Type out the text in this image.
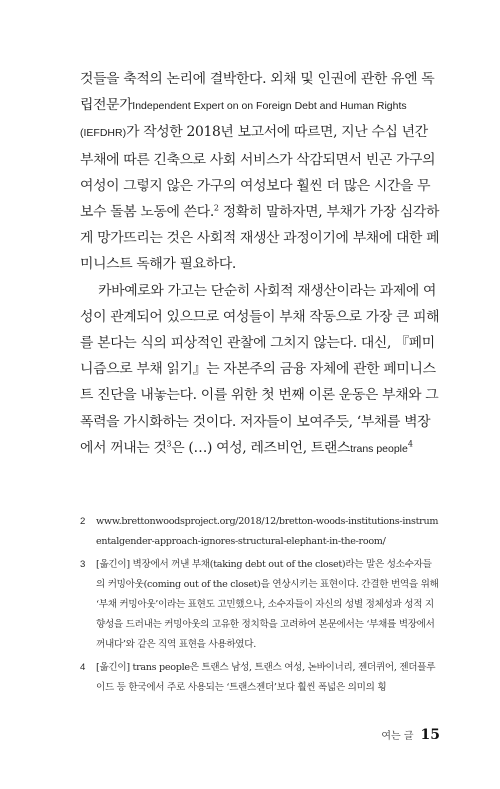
것들을 축적의 논리에 결박한다. 외채 및 인권에 관한 유엔 독립전문가Independent Expert on on Foreign Debt and Human Rights (IEFDHR)가 작성한 2018년 보고서에 따르면, 지난 수십 년간 부채에 따른 긴축으로 사회 서비스가 삭감되면서 빈곤 가구의 여성이 그렇지 않은 가구의 여성보다 훨씬 더 많은 시간을 무보수 돌봄 노동에 쓴다.$^2$ 정확히 말하자면, 부채가 가장 심각하게 망가뜨리는 것은 사회적 재생산 과정이기에 부채에 대한 페미니스트 독해가 필요하다.

카바예로와 가고는 단순히 사회적 재생산이라는 과제에 여성이 관계되어 있으므로 여성들이 부채 작동으로 가장 큰 피해를 본다는 식의 피상적인 관찰에 그치지 않는다. 대신, 『페미니즘으로 부채 읽기』는 자본주의 금융 자체에 관한 페미니스트 진단을 내놓는다. 이를 위한 첫 번째 이론 운동은 부채와 그 폭력을 가시화하는 것이다. 저자들이 보여주듯, ‘부채를 벽장에서 꺼내는 것$^3$은 (…) 여성, 레즈비언, 트랜스trans people$^4$

2	www.brettonwoodsproject.org/2018/12/bretton-woods-institutions-instrumentalgender-approach-ignores-structural-elephant-in-the-room/
3	[옮긴이] 벽장에서 꺼낸 부채(taking debt out of the closet)라는 말은 성소수자들의 커밍아웃(coming out of the closet)을 연상시키는 표현이다. 간결한 번역을 위해 ‘부채 커밍아웃’이라는 표현도 고민했으나, 소수자들이 자신의 성별 정체성과 성적 지향성을 드러내는 커밍아웃의 고유한 정치학을 고려하여 본문에서는 ‘부채를 벽장에서 꺼내다’와 같은 직역 표현을 사용하였다.
4	[옮긴이] trans people은 트랜스 남성, 트랜스 여성, 논바이너리, 젠더퀴어, 젠더플루이드 등 한국에서 주로 사용되는 ‘트랜스젠더’보다 훨씬 폭넓은 의미의 횡
여는 글 15
